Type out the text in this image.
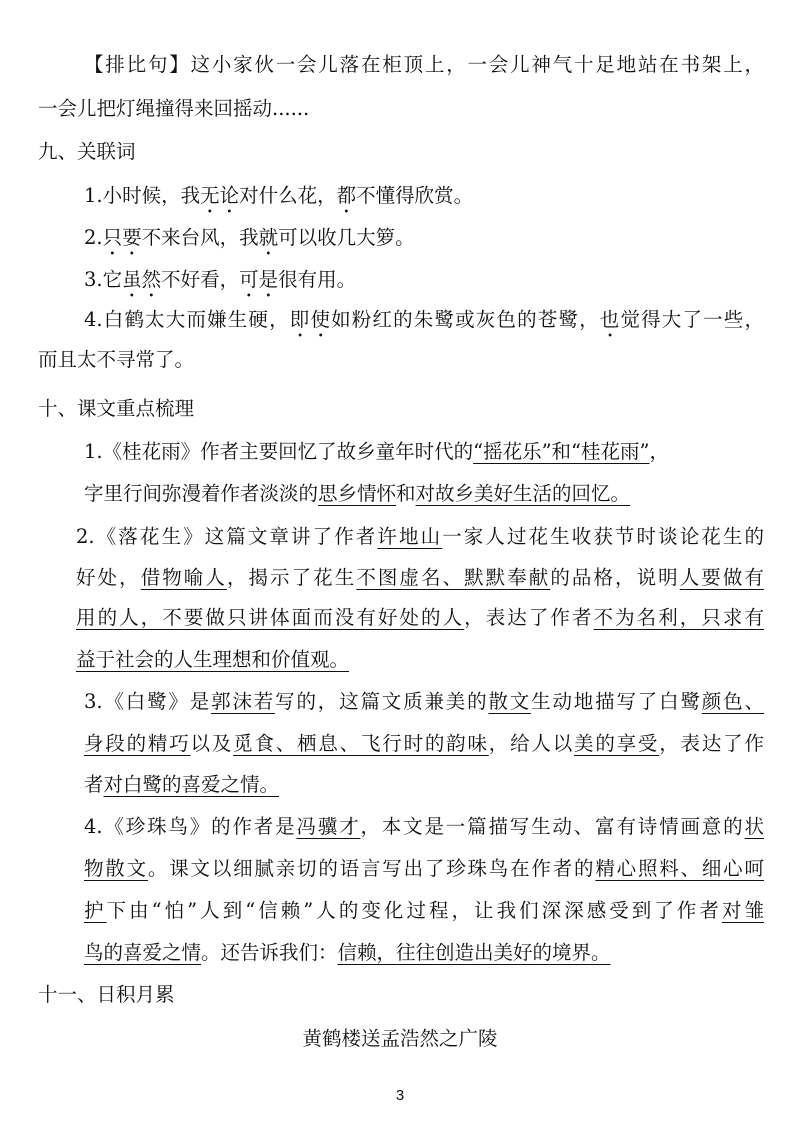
【排比句】这小家伙一会儿落在柜顶上，一会儿神气十足地站在书架上，
一会儿把灯绳撞得来回摇动......
九、关联词
1.小时候，我无论对什么花，都不懂得欣赏。
2.只要不来台风，我就可以收几大箩。
3.它虽然不好看，可是很有用。
4.白鹤太大而嫌生硬，即使如粉红的朱鹭或灰色的苍鹭，也觉得大了一些，
而且太不寻常了。
十、课文重点梳理
1.《桂花雨》作者主要回忆了故乡童年时代的“摇花乐”和“桂花雨”，
字里行间弥漫着作者淡淡的思乡情怀和对故乡美好生活的回忆。
2.《落花生》这篇文章讲了作者许地山一家人过花生收获节时谈论花生的
好处，借物喻人，揭示了花生不图虚名、默默奉献的品格，说明人要做有
用的人，不要做只讲体面而没有好处的人，表达了作者不为名利，只求有
益于社会的人生理想和价值观。
3.《白鹭》是郭沫若写的，这篇文质兼美的散文生动地描写了白鹭颜色、
身段的精巧以及觅食、栖息、飞行时的韵味，给人以美的享受，表达了作
者对白鹭的喜爱之情。
4.《珍珠鸟》的作者是冯骥才，本文是一篇描写生动、富有诗情画意的状
物散文。课文以细腻亲切的语言写出了珍珠鸟在作者的精心照料、细心呵
护下由“怕”人到“信赖”人的变化过程，让我们深深感受到了作者对雏
鸟的喜爱之情。还告诉我们：信赖，往往创造出美好的境界。
十一、日积月累
黄鹤楼送孟浩然之广陵
3
